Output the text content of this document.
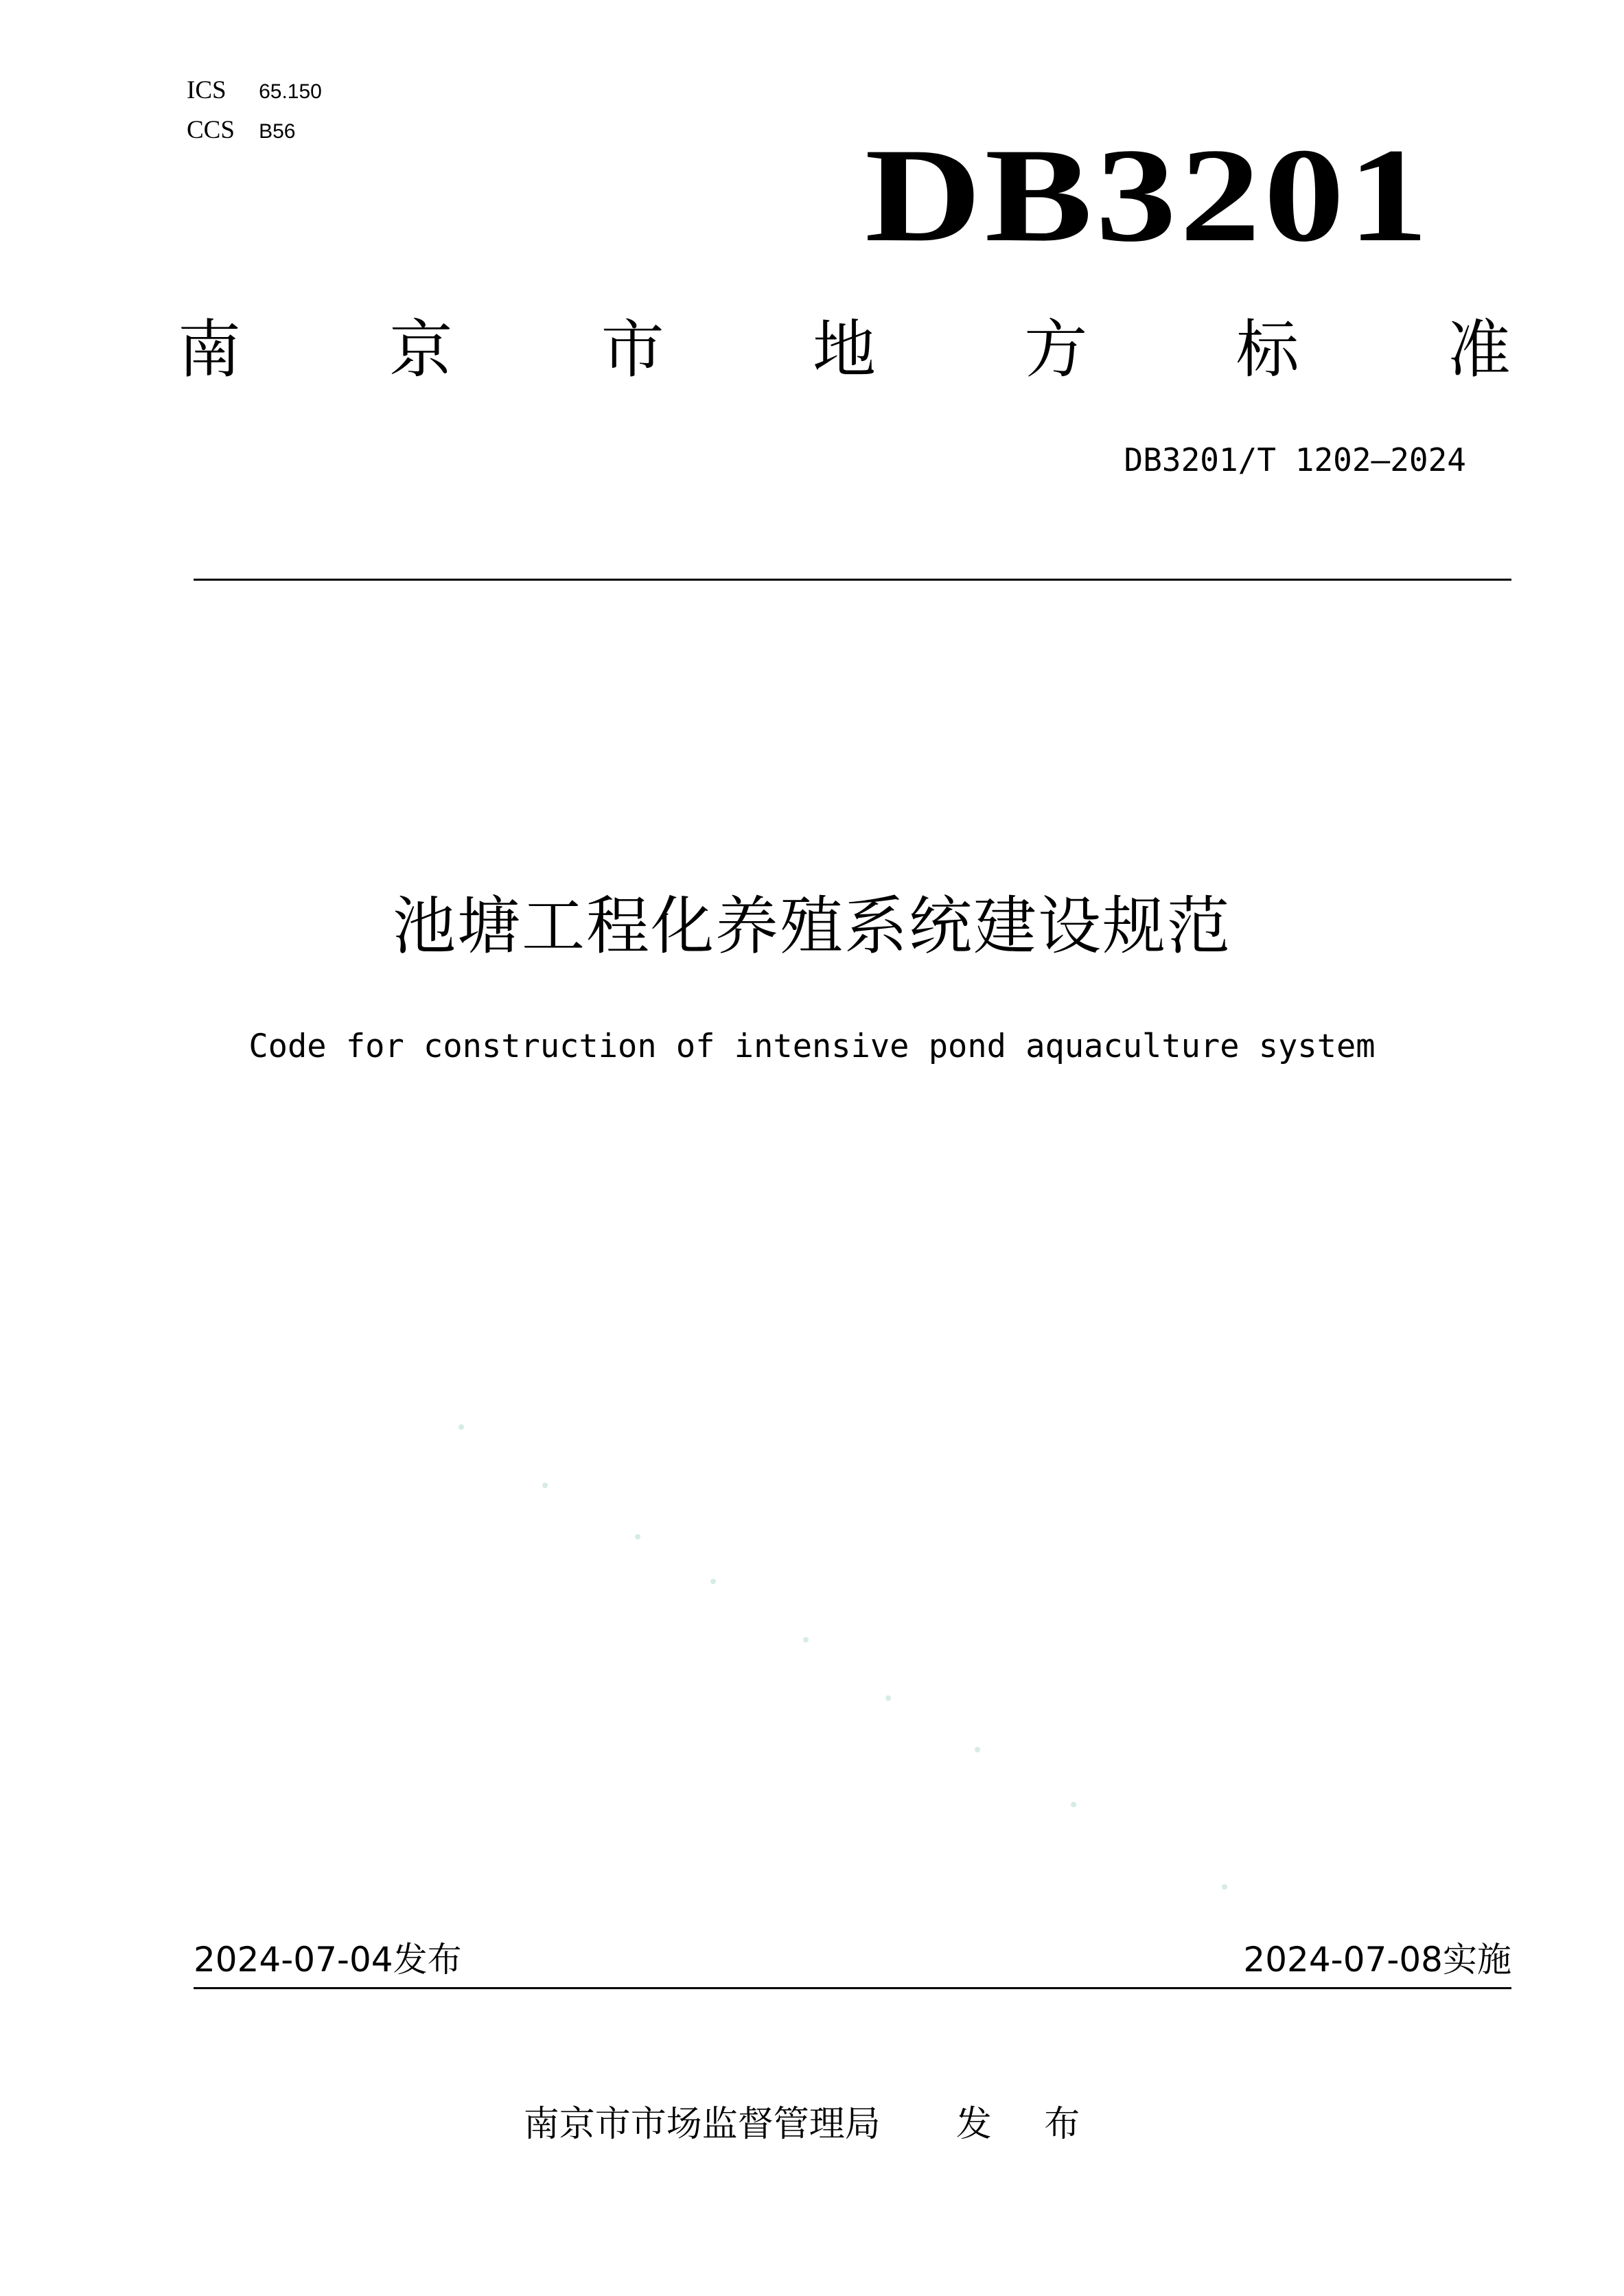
ICS 65.150
CCS B56	DB3201
南 京 市 地 方 标 准
DB3201/T 1202—2024
池塘工程化养殖系统建设规范
Code for construction of intensive pond aquaculture system
2024-07-04发布	2024-07-08实施
南京市市场监督管理局 发 布
